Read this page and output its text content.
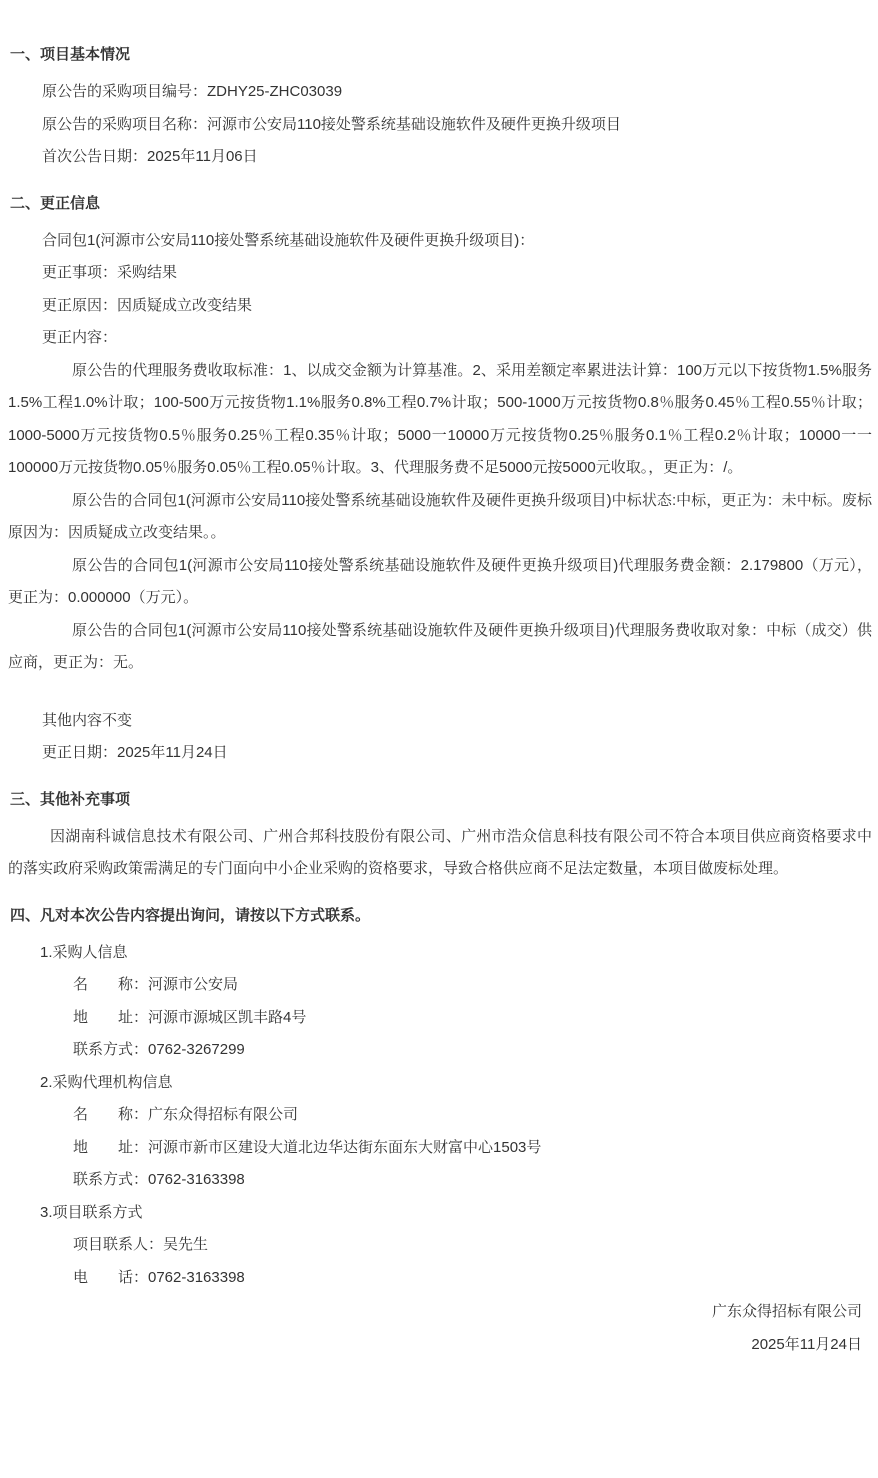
一、项目基本情况
原公告的采购项目编号：ZDHY25-ZHC03039
原公告的采购项目名称：河源市公安局110接处警系统基础设施软件及硬件更换升级项目
首次公告日期：2025年11月06日
二、更正信息
合同包1(河源市公安局110接处警系统基础设施软件及硬件更换升级项目)：
更正事项：采购结果
更正原因：因质疑成立改变结果
更正内容：

原公告的代理服务费收取标准：1、以成交金额为计算基准。2、采用差额定率累进法计算：100万元以下按货物1.5%服务1.5%工程1.0%计取；100-500万元按货物1.1%服务0.8%工程0.7%计取；500-1000万元按货物0.8％服务0.45％工程0.55％计取；1000-5000万元按货物0.5％服务0.25％工程0.35％计取；5000一10000万元按货物0.25％服务0.1％工程0.2％计取；10000一一100000万元按货物0.05％服务0.05％工程0.05％计取。3、代理服务费不足5000元按5000元收取。，更正为：/。

原公告的合同包1(河源市公安局110接处警系统基础设施软件及硬件更换升级项目)中标状态:中标，更正为：未中标。废标原因为：因质疑成立改变结果。。

原公告的合同包1(河源市公安局110接处警系统基础设施软件及硬件更换升级项目)代理服务费金额：2.179800（万元），更正为：0.000000（万元）。

原公告的合同包1(河源市公安局110接处警系统基础设施软件及硬件更换升级项目)代理服务费收取对象：中标（成交）供应商，更正为：无。

其他内容不变
更正日期：2025年11月24日
三、其他补充事项

因湖南科诚信息技术有限公司、广州合邦科技股份有限公司、广州市浩众信息科技有限公司不符合本项目供应商资格要求中的落实政府采购政策需满足的专门面向中小企业采购的资格要求，导致合格供应商不足法定数量，本项目做废标处理。

四、凡对本次公告内容提出询问，请按以下方式联系。
1.采购人信息
名　　称：河源市公安局
地　　址：河源市源城区凯丰路4号
联系方式：0762-3267299
2.采购代理机构信息
名　　称：广东众得招标有限公司
地　　址：河源市新市区建设大道北边华达街东面东大财富中心1503号
联系方式：0762-3163398
3.项目联系方式
项目联系人：吴先生
电　　话：0762-3163398
广东众得招标有限公司
2025年11月24日
